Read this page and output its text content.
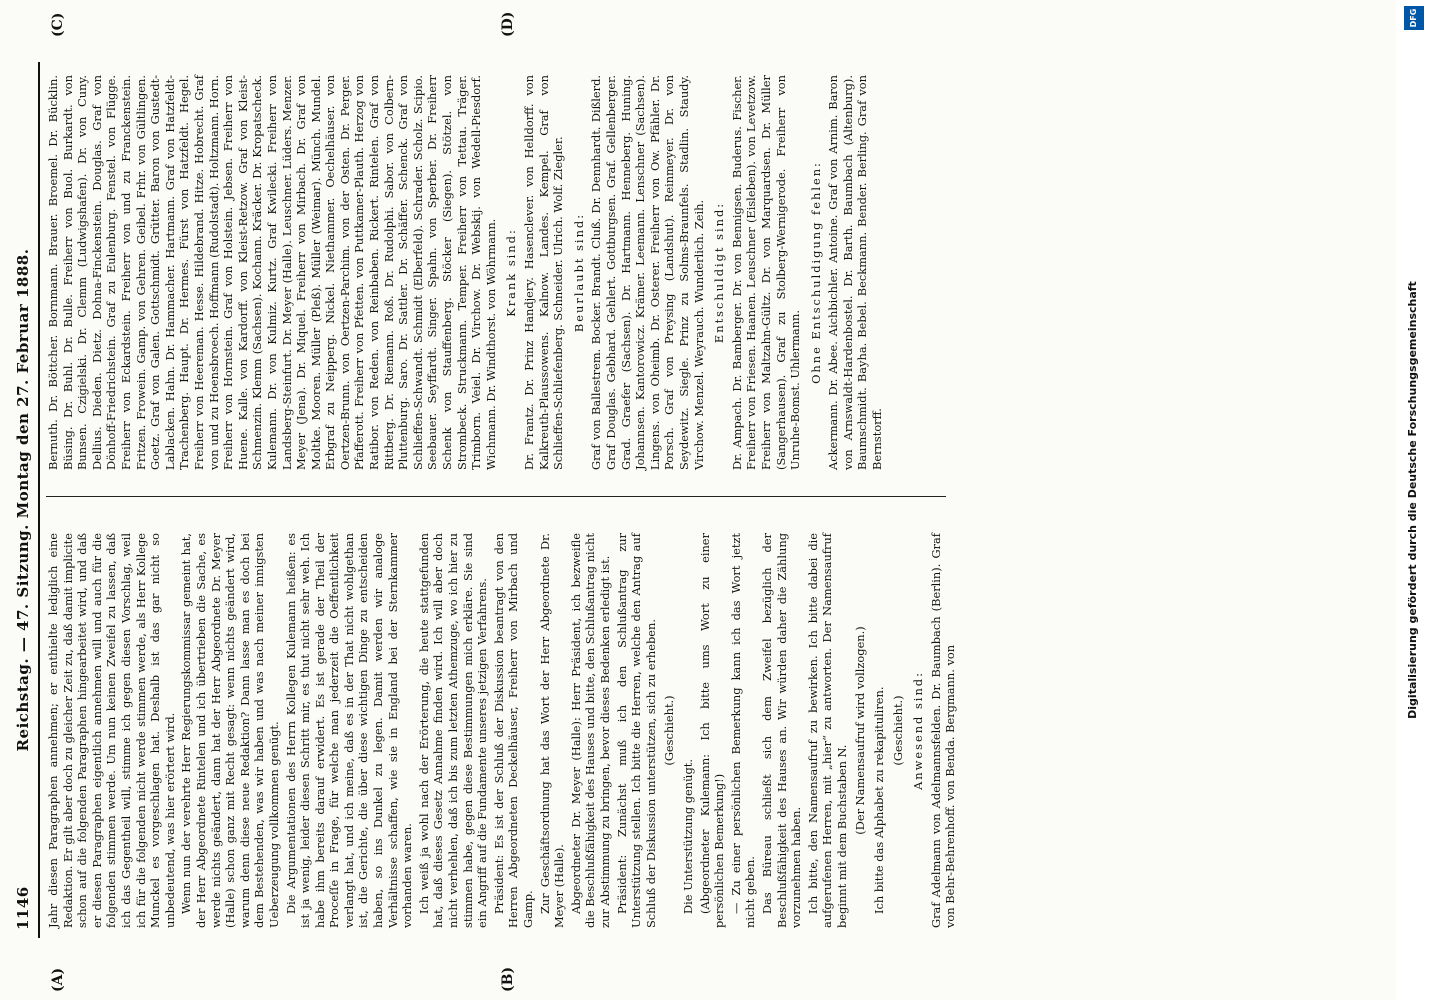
1146
Reichstag. — 47. Sitzung. Montag den 27. Februar 1888.
(A)	(B)
(C)	(D)

Jahr diesen Paragraphen annehmen; er enthielte lediglich eine Redaktion. Er gilt aber doch zu gleicher Zeit zu, daß damit implicite schon auf die folgenden Paragraphen hingearbeitet wird, und daß er diesen Paragraphen eigentlich annehmen will und auch für die folgenden stimmen werde. Um nun keinen Zweifel zu lassen, daß ich das Gegentheil will, stimme ich gegen diesen Vorschlag, weil ich für die folgenden nicht werde stimmen werde, als Herr Kollege Munckel es vorgeschlagen hat. Deshalb ist das gar nicht so unbedeutend, was hier erörtert wird. Wenn nun der verehrte Herr Regierungskommissar gemeint hat, der Herr Abgeordnete Rintelen und ich übertrieben die Sache, es werde nichts geändert, dann hat der Herr Abgeordnete Dr. Meyer (Halle) schon ganz mit Recht gesagt: wenn nichts geändert wird, warum denn diese neue Redaktion? Dann lasse man es doch bei dem Bestehenden, was wir haben und was nach meiner innigsten Ueberzeugung vollkommen genügt. Die Argumentationen des Herrn Kollegen Kulemann heißen: es ist ja wenig, leider diesen Schritt mir, es thut nicht sehr weh. Ich habe ihm bereits darauf erwidert. Es ist gerade der Theil der Proceſſe in Frage, für welche man jederzeit die Oeffentlichkeit verlangt hat, und ich meine, daß es in der That nicht wohlgethan ist, die Gerichte, die über diese wichtigen Dinge zu entscheiden haben, so ins Dunkel zu legen. Damit werden wir analoge Verhältnisse schaffen, wie sie in England bei der Sternkammer vorhanden waren. Ich weiß ja wohl nach der Erörterung, die heute stattgefunden hat, daß dieses Gesetz Annahme finden wird. Ich will aber doch nicht verhehlen, daß ich bis zum letzten Athemzuge, wo ich hier zu stimmen habe, gegen diese Bestimmungen mich erkläre. Sie sind ein Angriff auf die Fundamente unseres jetzigen Verfahrens. Präsident: Es ist der Schluß der Diskussion beantragt von den Herren Abgeordneten Deckelhäuser, Freiherr von Mirbach und Gamp. Zur Geschäftsordnung hat das Wort der Herr Abgeordnete Dr. Meyer (Halle). Abgeordneter Dr. Meyer (Halle): Herr Präsident, ich bezweifle die Beschlußfähigkeit des Hauses und bitte, den Schlußantrag nicht zur Abstimmung zu bringen, bevor dieses Bedenken erledigt ist. Präsident: Zunächst muß ich den Schlußantrag zur Unterstützung stellen. Ich bitte die Herren, welche den Antrag auf Schluß der Diskussion unterstützen, sich zu erheben. (Geschieht.)

Die Unterstützung genügt. (Abgeordneter Kulemann: Ich bitte ums Wort zu einer persönlichen Bemerkung!) — Zu einer persönlichen Bemerkung kann ich das Wort jetzt nicht geben. Das Büreau schließt sich dem Zweifel bezüglich der Beschlußfähigkeit des Hauses an. Wir würden daher die Zählung vorzunehmen haben. Ich bitte, den Namensaufruf zu bewirken. Ich bitte dabei die aufgerufenen Herren, mit „hier“ zu antworten. Der Namensaufruf beginnt mit dem Buchstaben N.

(Der Namensaufruf wird vollzogen.) Ich bitte das Alphabet zu rekapituliren. (Geschieht.) Anwesend sind: Graf Adelmann von Adelmannsfelden. Dr. Baumbach (Berlin). Graf von Behr-Behrenhoff. von Benda. Bergmann. von

Bernuth. Dr. Böttcher. Bornmann. Brauer. Broemel. Dr. Bücklin. Büsing. Dr. Buhl. Dr. Bulle. Freiherr von Buol. Burkardt. von Bunsen. Czigielski. Dr. Clemm (Ludwigshafen). Dr. von Cuny. Dellius. Dieden. Dietz. Dohna-Finckenstein. Douglas. Graf von Dönhoff-Friedrichstein. Graf zu Eulenburg. Fenstel. von Flügge. Freiherr von Eckardstein. Freiherr von und zu Franckenstein. Fritzen. Frowein. Gamp. von Gehren. Geibel. Frhr. von Gültlingen. Goetz. Graf von Galen. Gottschmidt. Grütter. Baron von Gustedt-Lablacken. Hahn. Dr. Hammacher. Hartmann. Graf von Hatzfeldt-Trachenberg. Haupt. Dr. Hermes. Fürst von Hatzfeldt. Hegel. Freiherr von Heereman. Hesse. Hildebrand. Hitze. Hobrecht. Graf von und zu Hoensbroech. Hoffmann (Rudolstadt). Holtzmann. Horn. Freiherr von Hornstein. Graf von Holstein. Jebsen. Freiherr von Huene. Kalle. von Kardorff. von Kleist-Retzow. Graf von Kleist-Schmenzin. Klemm (Sachsen). Kochann. Kräcker. Dr. Kropatscheck. Kulemann. Dr. von Kulmiz. Kurtz. Graf Kwilecki. Freiherr von Landsberg-Steinfurt. Dr. Meyer (Halle). Leuschner. Lüders. Menzer. Meyer (Jena). Dr. Miquel. Freiherr von Mirbach. Dr. Graf von Moltke. Mooren. Müller (Pleß). Müller (Weimar). Münch. Mundel. Erbgraf zu Neipperg. Nickel. Niethammer. Oechelhäuser. von Oertzen-Brunn. von Oertzen-Parchim. von der Osten. Dr. Perger. Pfafferott. Freiherr von Pfetten. von Puttkamer-Plauth. Herzog von Ratibor. von Reden. von Reinbaben. Rickert. Rintelen. Graf von Rittberg. Dr. Riemann. Roß. Dr. Rudolphi. Sabor. von Colbern-Pluttenburg. Saro. Dr. Sattler. Dr. Schäffer. Schenck. Graf von Schlieffen-Schwandt. Schmidt (Elberfeld). Schrader. Scholz. Scipio. Seebauer. Seyffardt. Singer. Spahn. von Sperber. Dr. Freiherr Schenk von Stauffenberg. Stöcker (Siegen). Stötzel. von Strombeck. Struckmann. Temper. Freiherr von Tettau. Träger. Trimborn. Veiel. Dr. Virchow. Dr. Webskij. von Wedell-Piesdorf. Wichmann. Dr. Windthorst. von Wöhrmann. Krank sind: Dr. Frantz. Dr. Prinz Handjery. Hasenclever. von Helldorff. von Kalkreuth-Plaussowens. Kalnow. Landes. Kempel. Graf von Schlieffen-Schliefenberg. Schneider. Ulrich. Wolf. Ziegler. Beurlaubt sind: Graf von Ballestrem. Bocker. Brandt. Cluß. Dr. Dennhardt. Dißlerd. Graf Douglas. Gebhard. Gehlert. Gottburgsen. Graf. Gellenberger. Grad. Graefer (Sachsen). Dr. Hartmann. Henneberg. Huning. Johannsen. Kantorowicz. Krämer. Leemann. Lenschner (Sachsen). Lingens. von Oheimb. Dr. Osterer. Freiherr von Ow. Pfähler. Dr. Porsch. Graf von Preysing (Landshut). Reinmeyer. Dr. von Seydewitz. Siegle. Prinz zu Solms-Braunfels. Stadlin. Staudy. Virchow. Menzel. Weyrauch. Wunderlich. Zeih. Entschuldigt sind: Dr. Ampach. Dr. Bamberger. Dr. von Bennigsen. Buderus. Fischer. Freiherr von Friesen. Haanen. Leuschner (Eisleben). von Levetzow. Freiherr von Maltzahn-Gültz. Dr. von Marquardsen. Dr. Müller (Sangerhausen). Graf zu Stolberg-Wernigerode. Freiherr von Unruhe-Bomst. Uhlermann.

Ohne Entschuldigung fehlen: Ackermann. Dr. Abee. Aichbichler. Antoine. Graf von Arnim. Baron von Arnswaldt-Hardenbostel. Dr. Barth. Baumbach (Altenburg). Baumschmidt. Bayha. Bebel. Beckmann. Bender. Berling. Graf von Bernstorff.	Digitalisierung gefördert durch die Deutsche Forschungsgemeinschaft
DFG
